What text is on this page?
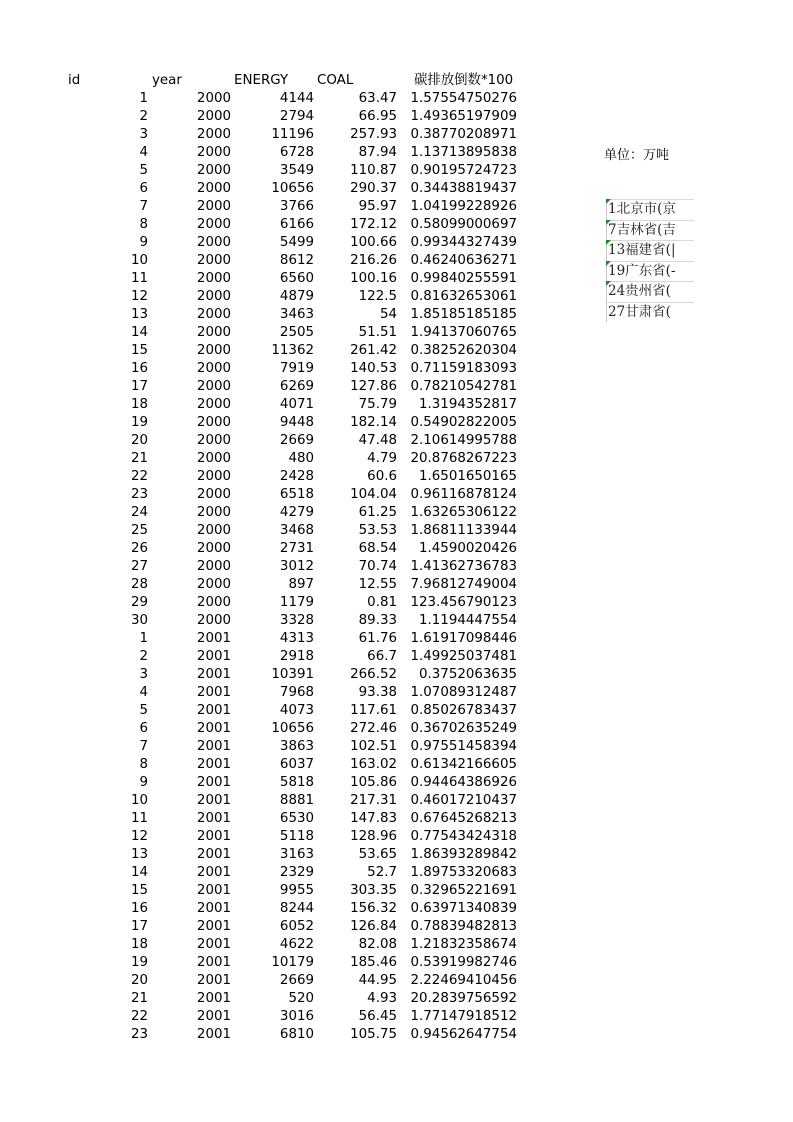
id	year	ENERGY COAL	碳排放倒数*100
1	2000	4144	63.47	1.57554750276
2	2000	2794	66.95	1.49365197909
3	2000	11196	257.93	0.38770208971
4	2000	6728	87.94	1.13713895838
5	2000	3549	110.87	0.90195724723
6	2000	10656	290.37	0.34438819437
7	2000	3766	95.97	1.04199228926
8	2000	6166	172.12	0.58099000697
9	2000	5499	100.66	0.99344327439
10	2000	8612	216.26	0.46240636271
11	2000	6560	100.16	0.99840255591
12	2000	4879	122.5	0.81632653061
13	2000	3463	54	1.85185185185
14	2000	2505	51.51	1.94137060765
15	2000	11362	261.42	0.38252620304
16	2000	7919	140.53	0.71159183093
17	2000	6269	127.86	0.78210542781
18	2000	4071	75.79	1.3194352817
19	2000	9448	182.14	0.54902822005
20	2000	2669	47.48	2.10614995788
21	2000	480	4.79	20.8768267223
22	2000	2428	60.6	1.6501650165
23	2000	6518	104.04	0.96116878124
24	2000	4279	61.25	1.63265306122
25	2000	3468	53.53	1.86811133944
26	2000	2731	68.54	1.4590020426
27	2000	3012	70.74	1.41362736783
28	2000	897	12.55	7.96812749004
29	2000	1179	0.81	123.456790123
30	2000	3328	89.33	1.1194447554
1	2001	4313	61.76	1.61917098446
2	2001	2918	66.7	1.49925037481
3	2001	10391	266.52	0.3752063635
4	2001	7968	93.38	1.07089312487
5	2001	4073	117.61	0.85026783437
6	2001	10656	272.46	0.36702635249
7	2001	3863	102.51	0.97551458394
8	2001	6037	163.02	0.61342166605
9	2001	5818	105.86	0.94464386926
10	2001	8881	217.31	0.46017210437
11	2001	6530	147.83	0.67645268213
12	2001	5118	128.96	0.77543424318
13	2001	3163	53.65	1.86393289842
14	2001	2329	52.7	1.89753320683
15	2001	9955	303.35	0.32965221691
16	2001	8244	156.32	0.63971340839
17	2001	6052	126.84	0.78839482813
18	2001	4622	82.08	1.21832358674
19	2001	10179	185.46	0.53919982746
20	2001	2669	44.95	2.22469410456
21	2001	520	4.93	20.2839756592
22	2001	3016	56.45	1.77147918512
23	2001	6810	105.75	0.94562647754
单位：万吨
1北京市(京
7吉林省(吉
13福建省(|
19广东省(-
24贵州省(
27甘肃省(
